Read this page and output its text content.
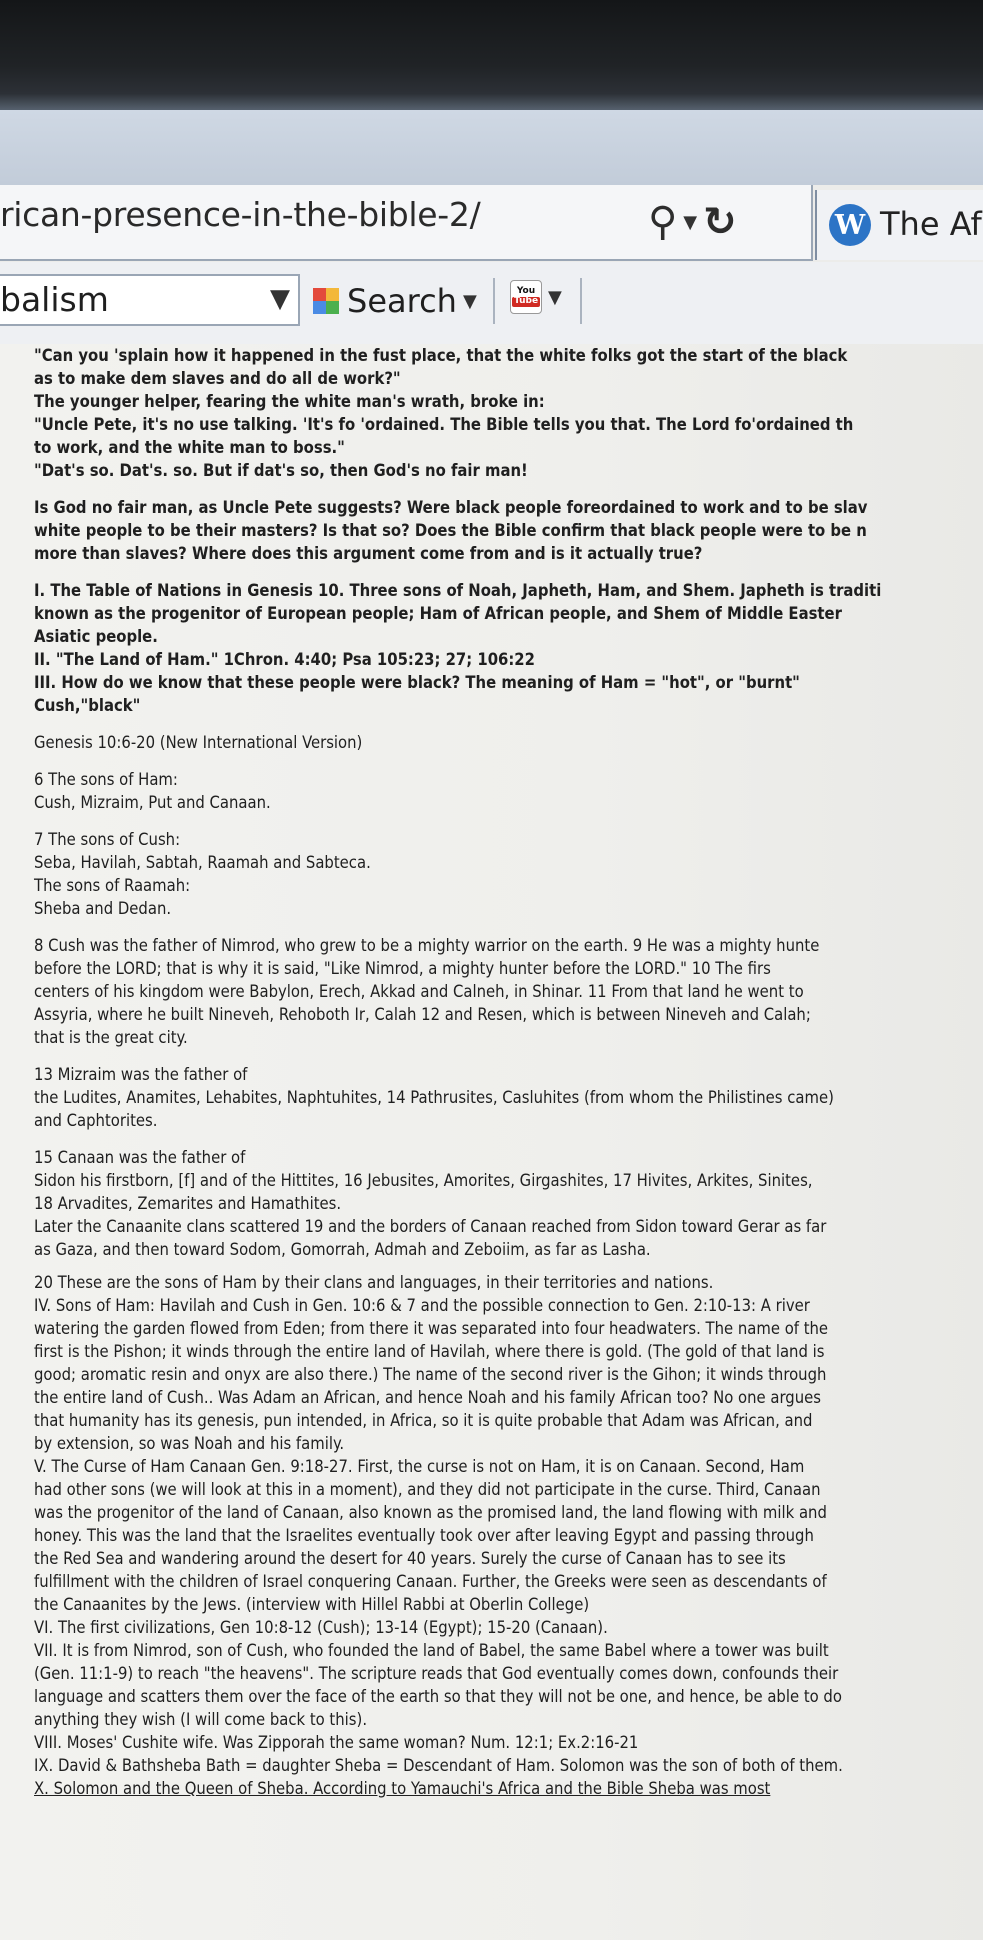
rican-presence-in-the-bible-2/	⚲ ▼ ↻	W The Af
balism	▼ Search ▼	You
Tube ▼

"Can you 'splain how it happened in the fust place, that the white folks got the start of the black

as to make dem slaves and do all de work?"

The younger helper, fearing the white man's wrath, broke in:

"Uncle Pete, it's no use talking. 'It's fo 'ordained. The Bible tells you that. The Lord fo'ordained th

to work, and the white man to boss."

"Dat's so. Dat's. so. But if dat's so, then God's no fair man!

Is God no fair man, as Uncle Pete suggests? Were black people foreordained to work and to be slav

white people to be their masters? Is that so? Does the Bible confirm that black people were to be n

more than slaves? Where does this argument come from and is it actually true?

I. The Table of Nations in Genesis 10. Three sons of Noah, Japheth, Ham, and Shem. Japheth is traditi

known as the progenitor of European people; Ham of African people, and Shem of Middle Easter

Asiatic people.

II. "The Land of Ham." 1Chron. 4:40; Psa 105:23; 27; 106:22

III. How do we know that these people were black? The meaning of Ham = "hot", or "burnt"

Cush,"black"

Genesis 10:6-20 (New International Version)

6 The sons of Ham:

Cush, Mizraim, Put and Canaan.

7 The sons of Cush:

Seba, Havilah, Sabtah, Raamah and Sabteca.

The sons of Raamah:

Sheba and Dedan.

8 Cush was the father of Nimrod, who grew to be a mighty warrior on the earth. 9 He was a mighty hunte

before the LORD; that is why it is said, "Like Nimrod, a mighty hunter before the LORD." 10 The firs

centers of his kingdom were Babylon, Erech, Akkad and Calneh, in Shinar. 11 From that land he went to

Assyria, where he built Nineveh, Rehoboth Ir, Calah 12 and Resen, which is between Nineveh and Calah;

that is the great city.

13 Mizraim was the father of

the Ludites, Anamites, Lehabites, Naphtuhites, 14 Pathrusites, Casluhites (from whom the Philistines came)

and Caphtorites.

15 Canaan was the father of

Sidon his firstborn, [f] and of the Hittites, 16 Jebusites, Amorites, Girgashites, 17 Hivites, Arkites, Sinites,

18 Arvadites, Zemarites and Hamathites.

Later the Canaanite clans scattered 19 and the borders of Canaan reached from Sidon toward Gerar as far

as Gaza, and then toward Sodom, Gomorrah, Admah and Zeboiim, as far as Lasha.

20 These are the sons of Ham by their clans and languages, in their territories and nations.

IV. Sons of Ham: Havilah and Cush in Gen. 10:6 & 7 and the possible connection to Gen. 2:10-13: A river

watering the garden flowed from Eden; from there it was separated into four headwaters. The name of the

first is the Pishon; it winds through the entire land of Havilah, where there is gold. (The gold of that land is

good; aromatic resin and onyx are also there.) The name of the second river is the Gihon; it winds through

the entire land of Cush.. Was Adam an African, and hence Noah and his family African too? No one argues

that humanity has its genesis, pun intended, in Africa, so it is quite probable that Adam was African, and

by extension, so was Noah and his family.

V. The Curse of Ham Canaan Gen. 9:18-27. First, the curse is not on Ham, it is on Canaan. Second, Ham

had other sons (we will look at this in a moment), and they did not participate in the curse. Third, Canaan

was the progenitor of the land of Canaan, also known as the promised land, the land flowing with milk and

honey. This was the land that the Israelites eventually took over after leaving Egypt and passing through

the Red Sea and wandering around the desert for 40 years. Surely the curse of Canaan has to see its

fulfillment with the children of Israel conquering Canaan. Further, the Greeks were seen as descendants of

the Canaanites by the Jews. (interview with Hillel Rabbi at Oberlin College)

VI. The first civilizations, Gen 10:8-12 (Cush); 13-14 (Egypt); 15-20 (Canaan).

VII. It is from Nimrod, son of Cush, who founded the land of Babel, the same Babel where a tower was built

(Gen. 11:1-9) to reach "the heavens". The scripture reads that God eventually comes down, confounds their

language and scatters them over the face of the earth so that they will not be one, and hence, be able to do

anything they wish (I will come back to this).

VIII. Moses' Cushite wife. Was Zipporah the same woman? Num. 12:1; Ex.2:16-21

IX. David & Bathsheba Bath = daughter Sheba = Descendant of Ham. Solomon was the son of both of them.

X. Solomon and the Queen of Sheba. According to Yamauchi's Africa and the Bible Sheba was most
